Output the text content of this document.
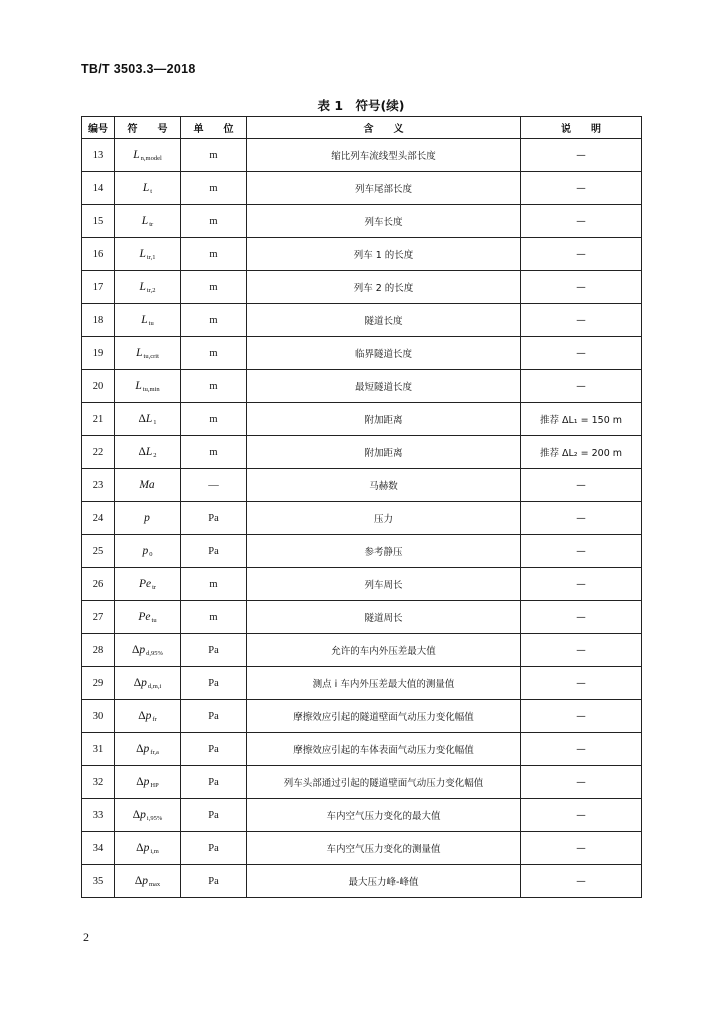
TB/T 3503.3—2018
表 1　符号(续)
编号	符　　号	单　　位	含　　义	说　　明
13	$L_{n,model}$	m	缩比列车流线型头部长度	—
14	$L_t$	m	列车尾部长度	—
15	$L_{tr}$	m	列车长度	—
16	$L_{tr,1}$	m	列车 1 的长度	—
17	$L_{tr,2}$	m	列车 2 的长度	—
18	$L_{tu}$	m	隧道长度	—
19	$L_{tu,crit}$	m	临界隧道长度	—
20	$L_{tu,min}$	m	最短隧道长度	—
21	$\Delta L_1$	m	附加距离	推荐 ΔL₁ = 150 m
22	$\Delta L_2$	m	附加距离	推荐 ΔL₂ = 200 m
23	Ma	—	马赫数	—
24	p	Pa	压力	—
25	$p_0$	Pa	参考静压	—
26	$Pe_{tr}$	m	列车周长	—
27	$Pe_{tu}$	m	隧道周长	—
28	$\Delta p_{d,95\%}$	Pa	允许的车内外压差最大值	—
29	$\Delta p_{d,m,i}$	Pa	测点 i 车内外压差最大值的测量值	—
30	$\Delta p_{fr}$	Pa	摩擦效应引起的隧道壁面气动压力变化幅值	—
31	$\Delta p_{fr,a}$	Pa	摩擦效应引起的车体表面气动压力变化幅值	—
32	$\Delta p_{HP}$	Pa	列车头部通过引起的隧道壁面气动压力变化幅值	—
33	$\Delta p_{i,95\%}$	Pa	车内空气压力变化的最大值	—
34	$\Delta p_{i,m}$	Pa	车内空气压力变化的测量值	—
35	$\Delta p_{max}$	Pa	最大压力峰-峰值	—
2
